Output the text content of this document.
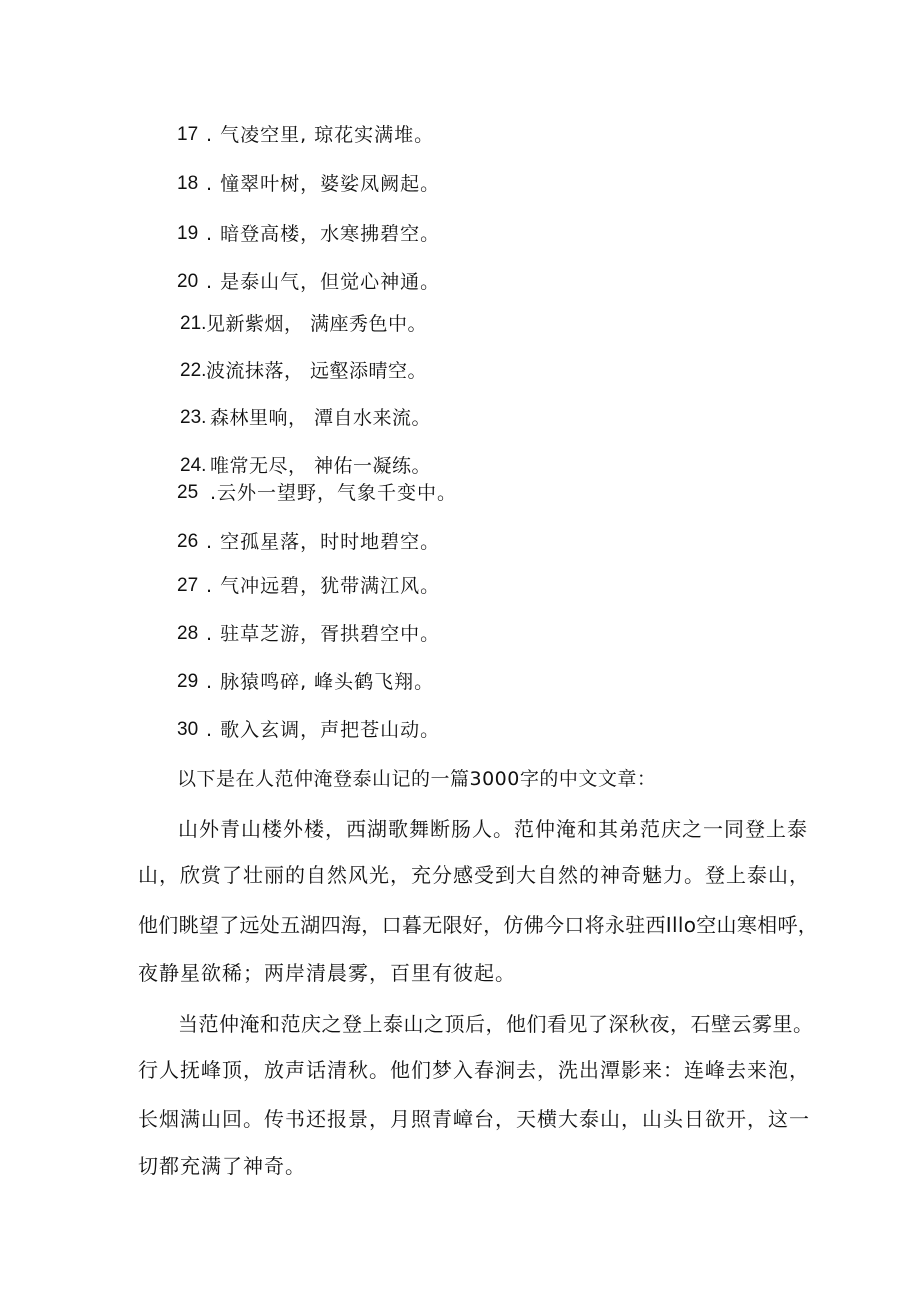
17 . 气凌空里, 琼花实满堆。
18 . 憧翠叶树，婆娑凤阙起。
19 . 暗登高楼，水寒拂碧空。
20 . 是泰山气，但觉心神通。
21. 见新紫烟， 满座秀色中。
22. 波流抹落， 远壑添晴空。
23. 森林里响， 潭自水来流。
24. 唯常无尽， 神佑一凝练。
25 .云外一望野，气象千变中。
26 . 空孤星落，时时地碧空。
27 . 气冲远碧，犹带满江风。
28 . 驻草芝游，胥拱碧空中。
29 . 脉猿鸣碎, 峰头鹤飞翔。
30 . 歌入玄调，声把苍山动。
以下是在人范仲淹登泰山记的一篇3000字的中文文章：
山外青山楼外楼，西湖歌舞断肠人。范仲淹和其弟范庆之一同登上泰
山，欣赏了壮丽的自然风光，充分感受到大自然的神奇魅力。登上泰山，
他们眺望了远处五湖四海，口暮无限好，仿佛今口将永驻西Illo空山寒相呼，
夜静星欲稀；两岸清晨雾，百里有彼起。
当范仲淹和范庆之登上泰山之顶后，他们看见了深秋夜，石壁云雾里。
行人抚峰顶，放声话清秋。他们梦入春涧去，洗出潭影来：连峰去来泡，
长烟满山回。传书还报景，月照青嶂台，天横大泰山，山头日欲开，这一
切都充满了神奇。
